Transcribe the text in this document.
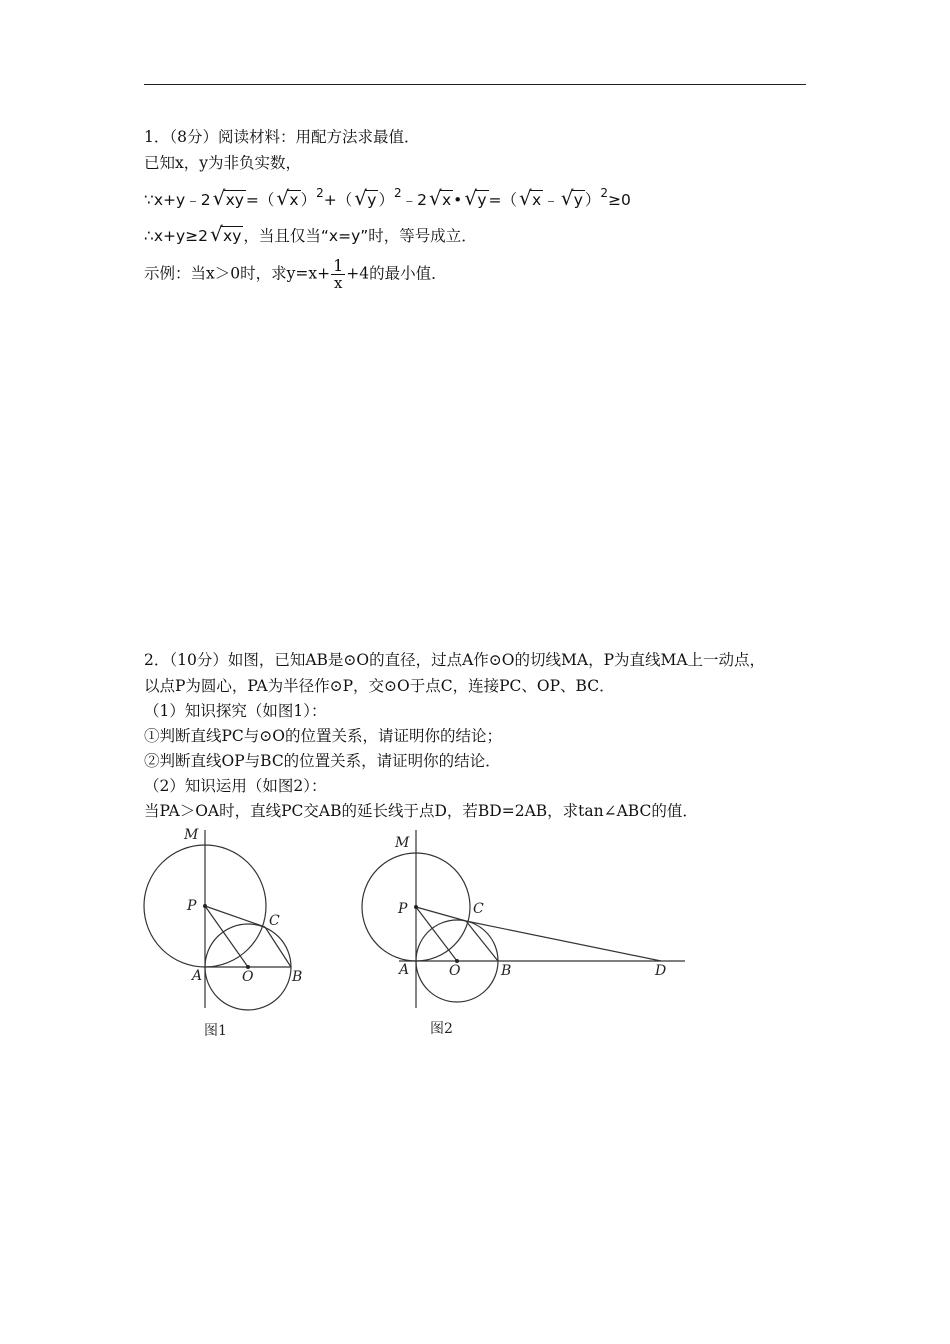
1．（8分）阅读材料：用配方法求最值．
已知x，y为非负实数，
∵x+y﹣2 √ xy =（ √ x ）$^2$+（ √ y ）$^2$﹣2 √ x • √ y =（ √ x ﹣ √ y ）$^2$≥0
∴x+y≥2 √ xy ，当且仅当“x=y”时，等号成立．
示例：当x＞0时，求$y=x+ \frac{1}{x} +4$的最小值．
2．（10分）如图，已知AB是⊙O的直径，过点A作⊙O的切线MA，P为直线MA上一动点，
以点P为圆心，PA为半径作⊙P，交⊙O于点C，连接PC、OP、BC．
（1）知识探究（如图1）：
①判断直线PC与⊙O的位置关系，请证明你的结论；
②判断直线OP与BC的位置关系，请证明你的结论．
（2）知识运用（如图2）：
当PA＞OA时，直线PC交AB的延长线于点D，若BD=2AB，求tan∠ABC的值．
M
P
C
A	O	B
图1
M
P	C
A	O	B	D
图2
